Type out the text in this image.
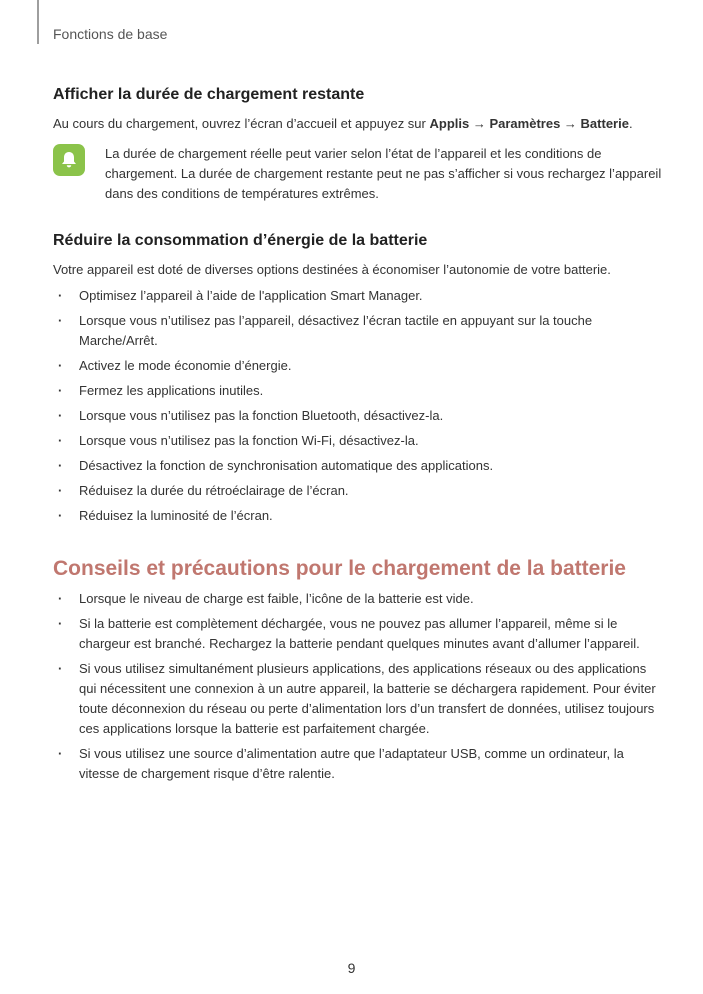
Fonctions de base
Afficher la durée de chargement restante

Au cours du chargement, ouvrez l’écran d’accueil et appuyez sur Applis → Paramètres → Batterie.

La durée de chargement réelle peut varier selon l’état de l’appareil et les conditions de chargement. La durée de chargement restante peut ne pas s’afficher si vous rechargez l’appareil dans des conditions de températures extrêmes.
Réduire la consommation d’énergie de la batterie

Votre appareil est doté de diverses options destinées à économiser l’autonomie de votre batterie.

· Optimisez l’appareil à l’aide de l'application Smart Manager.
· Lorsque vous n’utilisez pas l’appareil, désactivez l’écran tactile en appuyant sur la touche Marche/Arrêt.
· Activez le mode économie d’énergie.
· Fermez les applications inutiles.
· Lorsque vous n’utilisez pas la fonction Bluetooth, désactivez-la.
· Lorsque vous n’utilisez pas la fonction Wi-Fi, désactivez-la.
· Désactivez la fonction de synchronisation automatique des applications.
· Réduisez la durée du rétroéclairage de l’écran.
· Réduisez la luminosité de l’écran.
Conseils et précautions pour le chargement de la batterie
· Lorsque le niveau de charge est faible, l’icône de la batterie est vide.
· Si la batterie est complètement déchargée, vous ne pouvez pas allumer l’appareil, même si le chargeur est branché. Rechargez la batterie pendant quelques minutes avant d’allumer l’appareil.
· Si vous utilisez simultanément plusieurs applications, des applications réseaux ou des applications qui nécessitent une connexion à un autre appareil, la batterie se déchargera rapidement. Pour éviter toute déconnexion du réseau ou perte d’alimentation lors d’un transfert de données, utilisez toujours ces applications lorsque la batterie est parfaitement chargée.
· Si vous utilisez une source d’alimentation autre que l’adaptateur USB, comme un ordinateur, la vitesse de chargement risque d’être ralentie.
9
